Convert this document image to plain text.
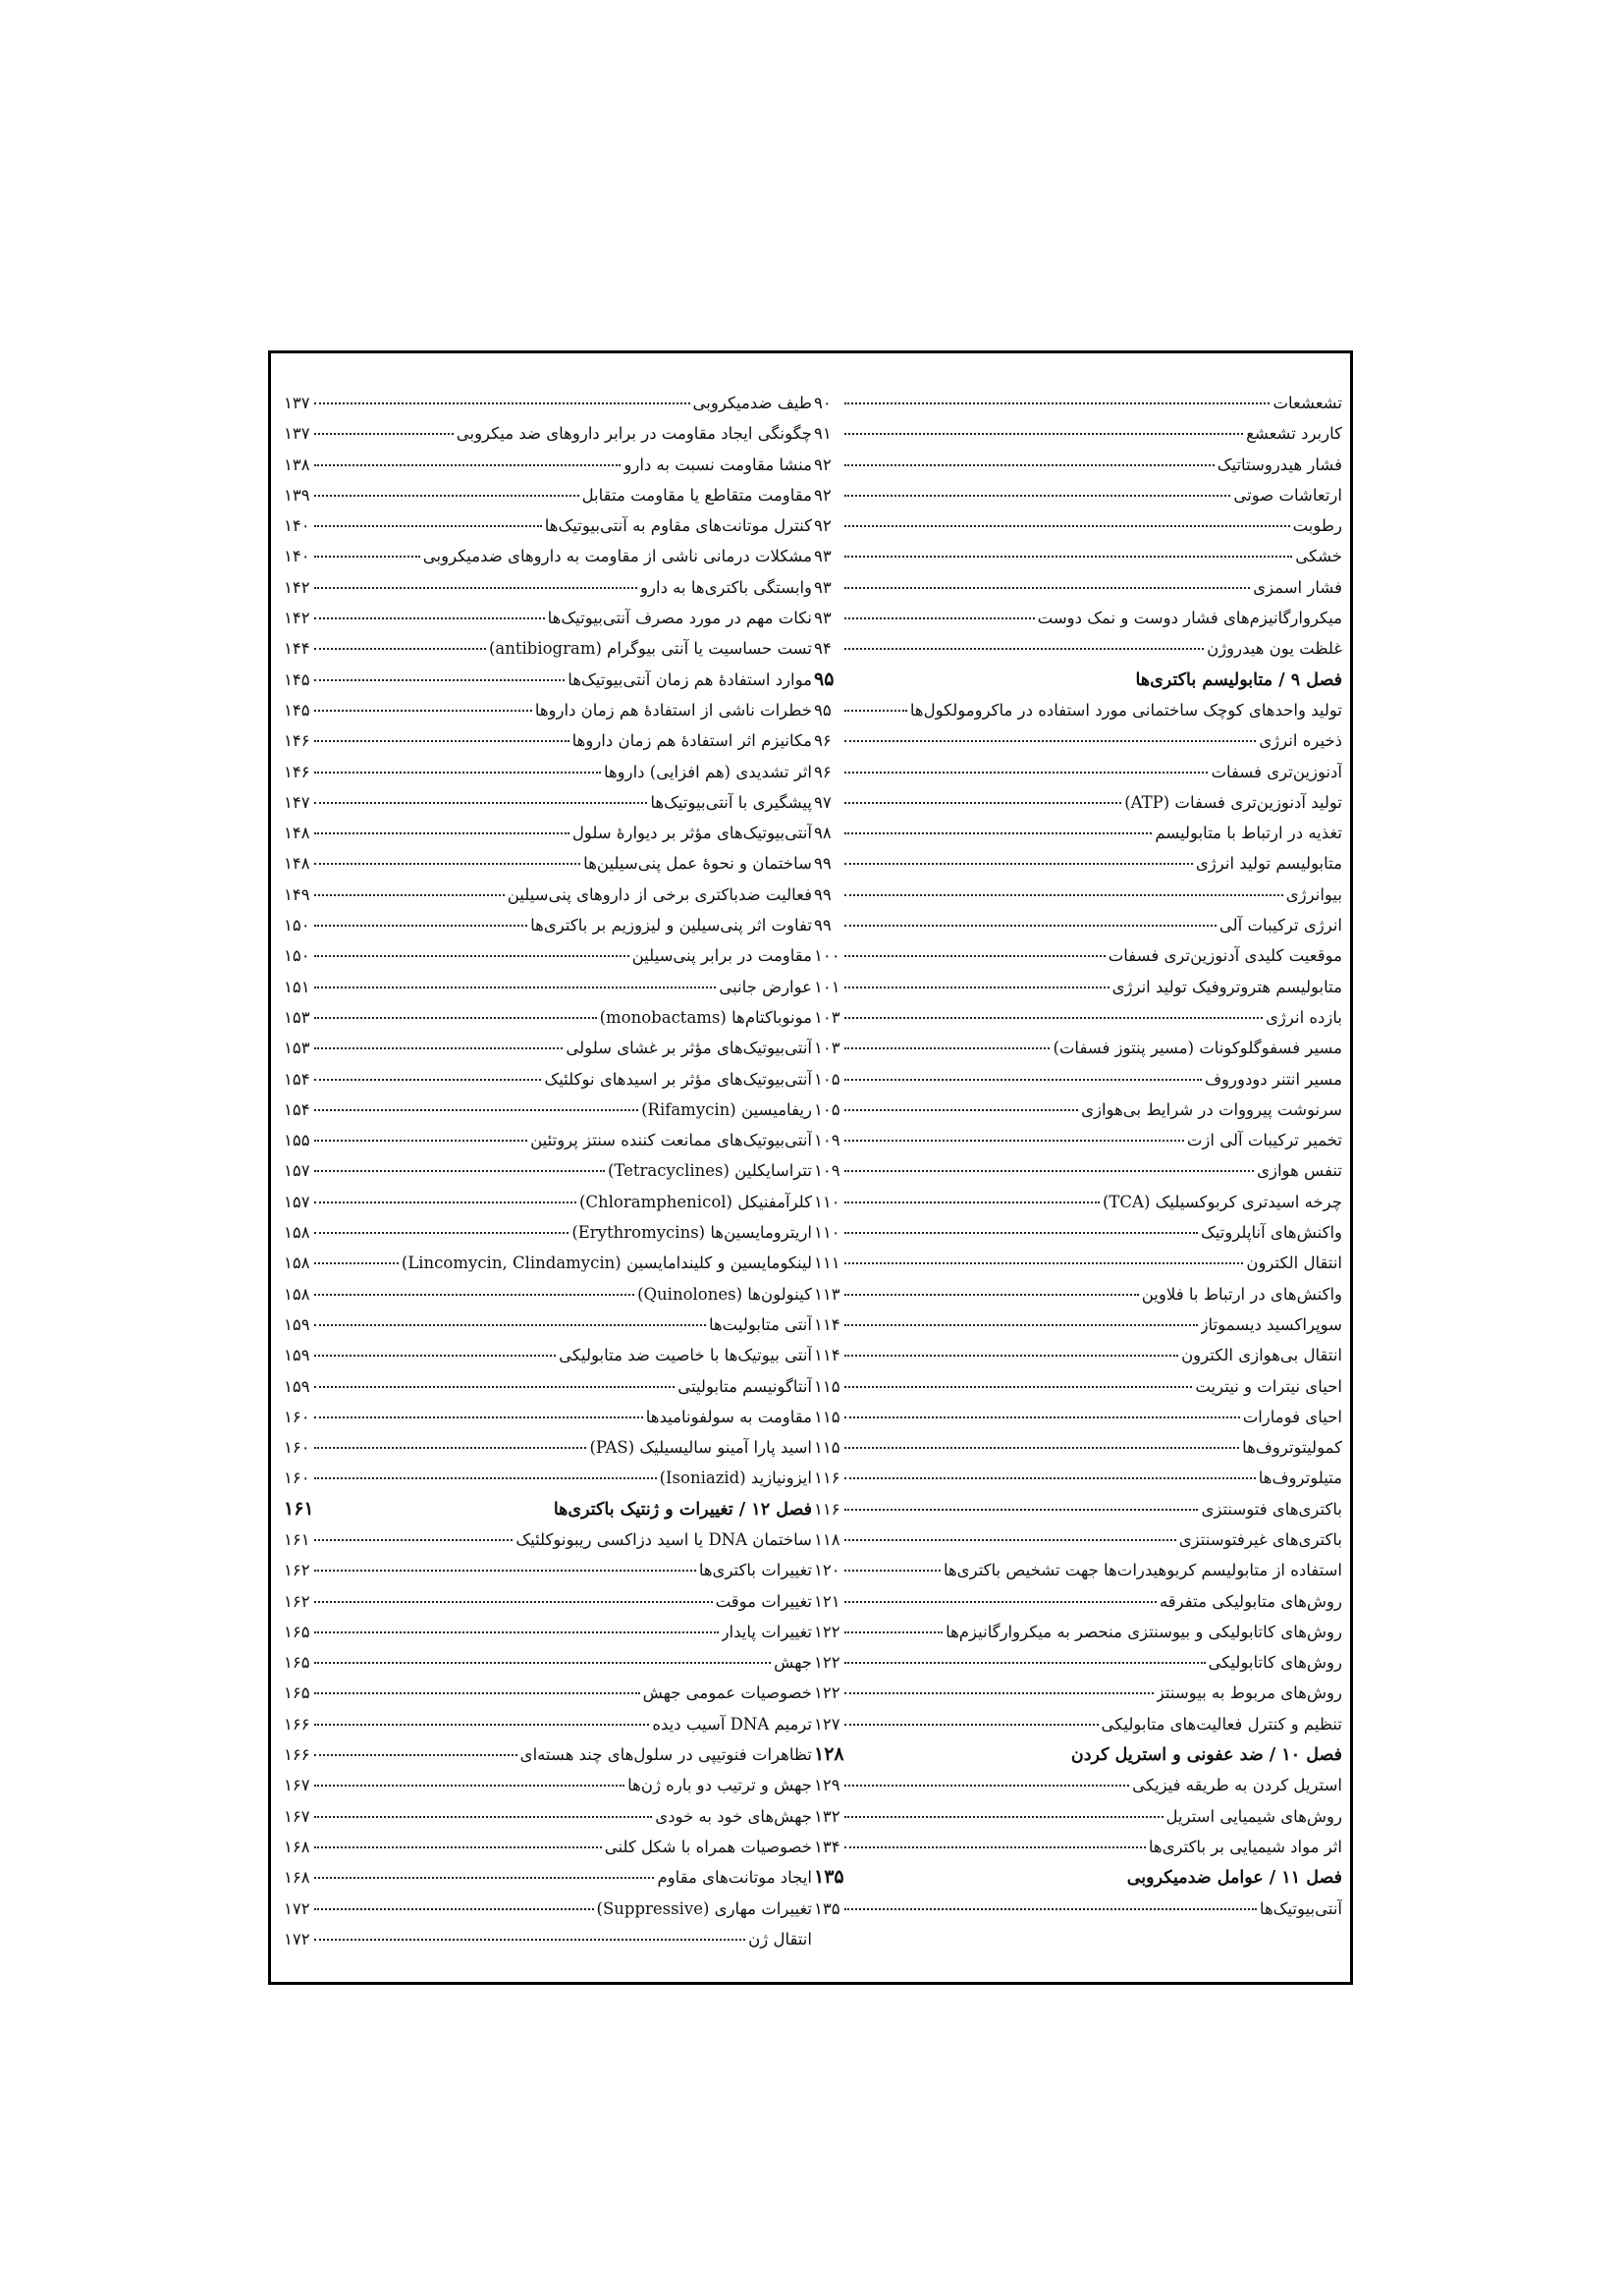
تشعشعات
۹۰
کاربرد تشعشع
۹۱
فشار هیدروستاتیک
۹۲
ارتعاشات صوتی
۹۲
رطوبت
۹۲
خشکی
۹۳
فشار اسمزی
۹۳
میکروارگانیزم‌های فشار دوست و نمک دوست
۹۳
غلظت یون هیدروژن
۹۴
فصل ۹ / متابولیسم باکتری‌ها
۹۵
تولید واحدهای کوچک ساختمانی مورد استفاده در ماکرومولکول‌ها
۹۵
ذخیره انرژی
۹۶
آدنوزین‌تری فسفات
۹۶
تولید آدنوزین‌تری فسفات (ATP)
۹۷
تغذیه در ارتباط با متابولیسم
۹۸
متابولیسم تولید انرژی
۹۹
بیوانرژی
۹۹
انرژی ترکیبات آلی
۹۹
موقعیت کلیدی آدنوزین‌تری فسفات
۱۰۰
متابولیسم هتروتروفیک تولید انرژی
۱۰۱
بازده انرژی
۱۰۳
مسیر فسفوگلوکونات (مسیر پنتوز فسفات)
۱۰۳
مسیر انتنر دودوروف
۱۰۵
سرنوشت پیرووات در شرایط بی‌هوازی
۱۰۵
تخمیر ترکیبات آلی ازت
۱۰۹
تنفس هوازی
۱۰۹
چرخه اسیدتری کربوکسیلیک (TCA)
۱۱۰
واکنش‌های آناپلروتیک
۱۱۰
انتقال الکترون
۱۱۱
واکنش‌های در ارتباط با فلاوین
۱۱۳
سوپراکسید دیسموتاز
۱۱۴
انتقال بی‌هوازی الکترون
۱۱۴
احیای نیترات و نیتریت
۱۱۵
احیای فومارات
۱۱۵
کمولیتوتروف‌ها
۱۱۵
متیلوتروف‌ها
۱۱۶
باکتری‌های فتوسنتزی
۱۱۶
باکتری‌های غیرفتوسنتزی
۱۱۸
استفاده از متابولیسم کربوهیدرات‌ها جهت تشخیص باکتری‌ها
۱۲۰
روش‌های متابولیکی متفرقه
۱۲۱
روش‌های کاتابولیکی و بیوسنتزی منحصر به میکروارگانیزم‌ها
۱۲۲
روش‌های کاتابولیکی
۱۲۲
روش‌های مربوط به بیوسنتز
۱۲۲
تنظیم و کنترل فعالیت‌های متابولیکی
۱۲۷
فصل ۱۰ / ضد عفونی و استریل کردن
۱۲۸
استریل کردن به طریقه فیزیکی
۱۲۹
روش‌های شیمیایی استریل
۱۳۲
اثر مواد شیمیایی بر باکتری‌ها
۱۳۴
فصل ۱۱ / عوامل ضدمیکروبی
۱۳۵
آنتی‌بیوتیک‌ها
۱۳۵
طیف ضدمیکروبی
۱۳۷
چگونگی ایجاد مقاومت در برابر داروهای ضد میکروبی
۱۳۷
منشا مقاومت نسبت به دارو
۱۳۸
مقاومت متقاطع یا مقاومت متقابل
۱۳۹
کنترل موتانت‌های مقاوم به آنتی‌بیوتیک‌ها
۱۴۰
مشکلات درمانی ناشی از مقاومت به داروهای ضدمیکروبی
۱۴۰
وابستگی باکتری‌ها به دارو
۱۴۲
نکات مهم در مورد مصرف آنتی‌بیوتیک‌ها
۱۴۲
تست حساسیت یا آنتی بیوگرام (antibiogram)
۱۴۴
موارد استفادهٔ هم زمان آنتی‌بیوتیک‌ها
۱۴۵
خطرات ناشی از استفادهٔ هم زمان داروها
۱۴۵
مکانیزم اثر استفادهٔ هم زمان داروها
۱۴۶
اثر تشدیدی (هم افزایی) داروها
۱۴۶
پیشگیری با آنتی‌بیوتیک‌ها
۱۴۷
آنتی‌بیوتیک‌های مؤثر بر دیوارهٔ سلول
۱۴۸
ساختمان و نحوهٔ عمل پنی‌سیلین‌ها
۱۴۸
فعالیت ضدباکتری برخی از داروهای پنی‌سیلین
۱۴۹
تفاوت اثر پنی‌سیلین و لیزوزیم بر باکتری‌ها
۱۵۰
مقاومت در برابر پنی‌سیلین
۱۵۰
عوارض جانبی
۱۵۱
مونوباکتام‌ها (monobactams)
۱۵۳
آنتی‌بیوتیک‌های مؤثر بر غشای سلولی
۱۵۳
آنتی‌بیوتیک‌های مؤثر بر اسیدهای نوکلئیک
۱۵۴
ریفامیسین (Rifamycin)
۱۵۴
آنتی‌بیوتیک‌های ممانعت کننده سنتز پروتئین
۱۵۵
تتراسایکلین (Tetracyclines)
۱۵۷
کلرآمفنیکل (Chloramphenicol)
۱۵۷
اریترومایسین‌ها (Erythromycins)
۱۵۸
لینکومایسین و کلیندامایسین (Lincomycin, Clindamycin)
۱۵۸
کینولون‌ها (Quinolones)
۱۵۸
آنتی متابولیت‌ها
۱۵۹
آنتی بیوتیک‌ها با خاصیت ضد متابولیکی
۱۵۹
آنتاگونیسم متابولیتی
۱۵۹
مقاومت به سولفونامیدها
۱۶۰
اسید پارا آمینو سالیسیلیک (PAS)
۱۶۰
ایزونیازید (Isoniazid)
۱۶۰
فصل ۱۲ / تغییرات و ژنتیک باکتری‌ها
۱۶۱
ساختمان DNA یا اسید دزاکسی ریبونوکلئیک
۱۶۱
تغییرات باکتری‌ها
۱۶۲
تغییرات موقت
۱۶۲
تغییرات پایدار
۱۶۵
جهش
۱۶۵
خصوصیات عمومی جهش
۱۶۵
ترمیم DNA آسیب دیده
۱۶۶
تظاهرات فنوتیپی در سلول‌های چند هسته‌ای
۱۶۶
جهش و ترتیب دو باره ژن‌ها
۱۶۷
جهش‌های خود به خودی
۱۶۷
خصوصیات همراه با شکل کلنی
۱۶۸
ایجاد موتانت‌های مقاوم
۱۶۸
تغییرات مهاری (Suppressive)
۱۷۲
انتقال ژن
۱۷۲
